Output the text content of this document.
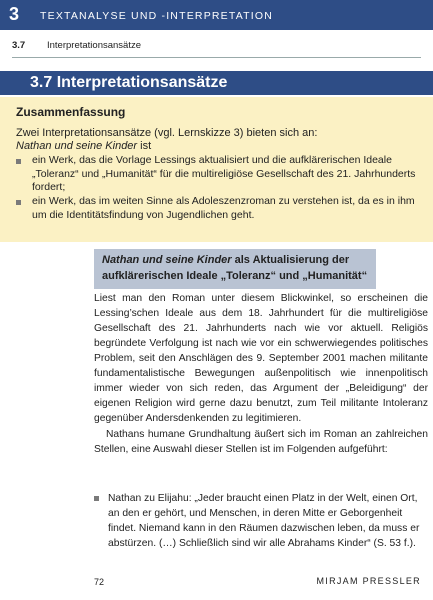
3 TEXTANALYSE UND -INTERPRETATION
3.7 Interpretationsansätze
3.7 Interpretationsansätze
Zusammenfassung
Zwei Interpretationsansätze (vgl. Lernskizze 3) bieten sich an:
Nathan und seine Kinder ist
ein Werk, das die Vorlage Lessings aktualisiert und die aufklärerischen Ideale „Toleranz“ und „Humanität“ für die multireligiöse Gesellschaft des 21. Jahrhunderts fordert;
ein Werk, das im weiten Sinne als Adoleszenzroman zu verstehen ist, da es in ihm um die Identitätsfindung von Jugendlichen geht.
Nathan und seine Kinder als Aktualisierung der aufklärerischen Ideale „Toleranz“ und „Humanität“

Liest man den Roman unter diesem Blickwinkel, so erscheinen die Lessing’schen Ideale aus dem 18. Jahrhundert für die multireligiöse Gesellschaft des 21. Jahrhunderts nach wie vor aktuell. Religiös begründete Verfolgung ist nach wie vor ein schwerwiegendes politisches Problem, seit den Anschlägen des 9. September 2001 machen militante fundamentalistische Bewegungen außenpolitisch wie innenpolitisch immer wieder von sich reden, das Argument der „Beleidigung“ der eigenen Religion wird gerne dazu benutzt, zum Teil militante Intoleranz gegenüber Andersdenkenden zu legitimieren.

Nathans humane Grundhaltung äußert sich im Roman an zahlreichen Stellen, eine Auswahl dieser Stellen ist im Folgenden aufgeführt:

Nathan zu Elijahu: „Jeder braucht einen Platz in der Welt, einen Ort, an den er gehört, und Menschen, in deren Mitte er Geborgenheit findet. Niemand kann in den Räumen dazwischen leben, da muss er abstürzen. (…) Schließlich sind wir alle Abrahams Kinder“ (S. 53 f.).
72	MIRJAM PRESSLER
